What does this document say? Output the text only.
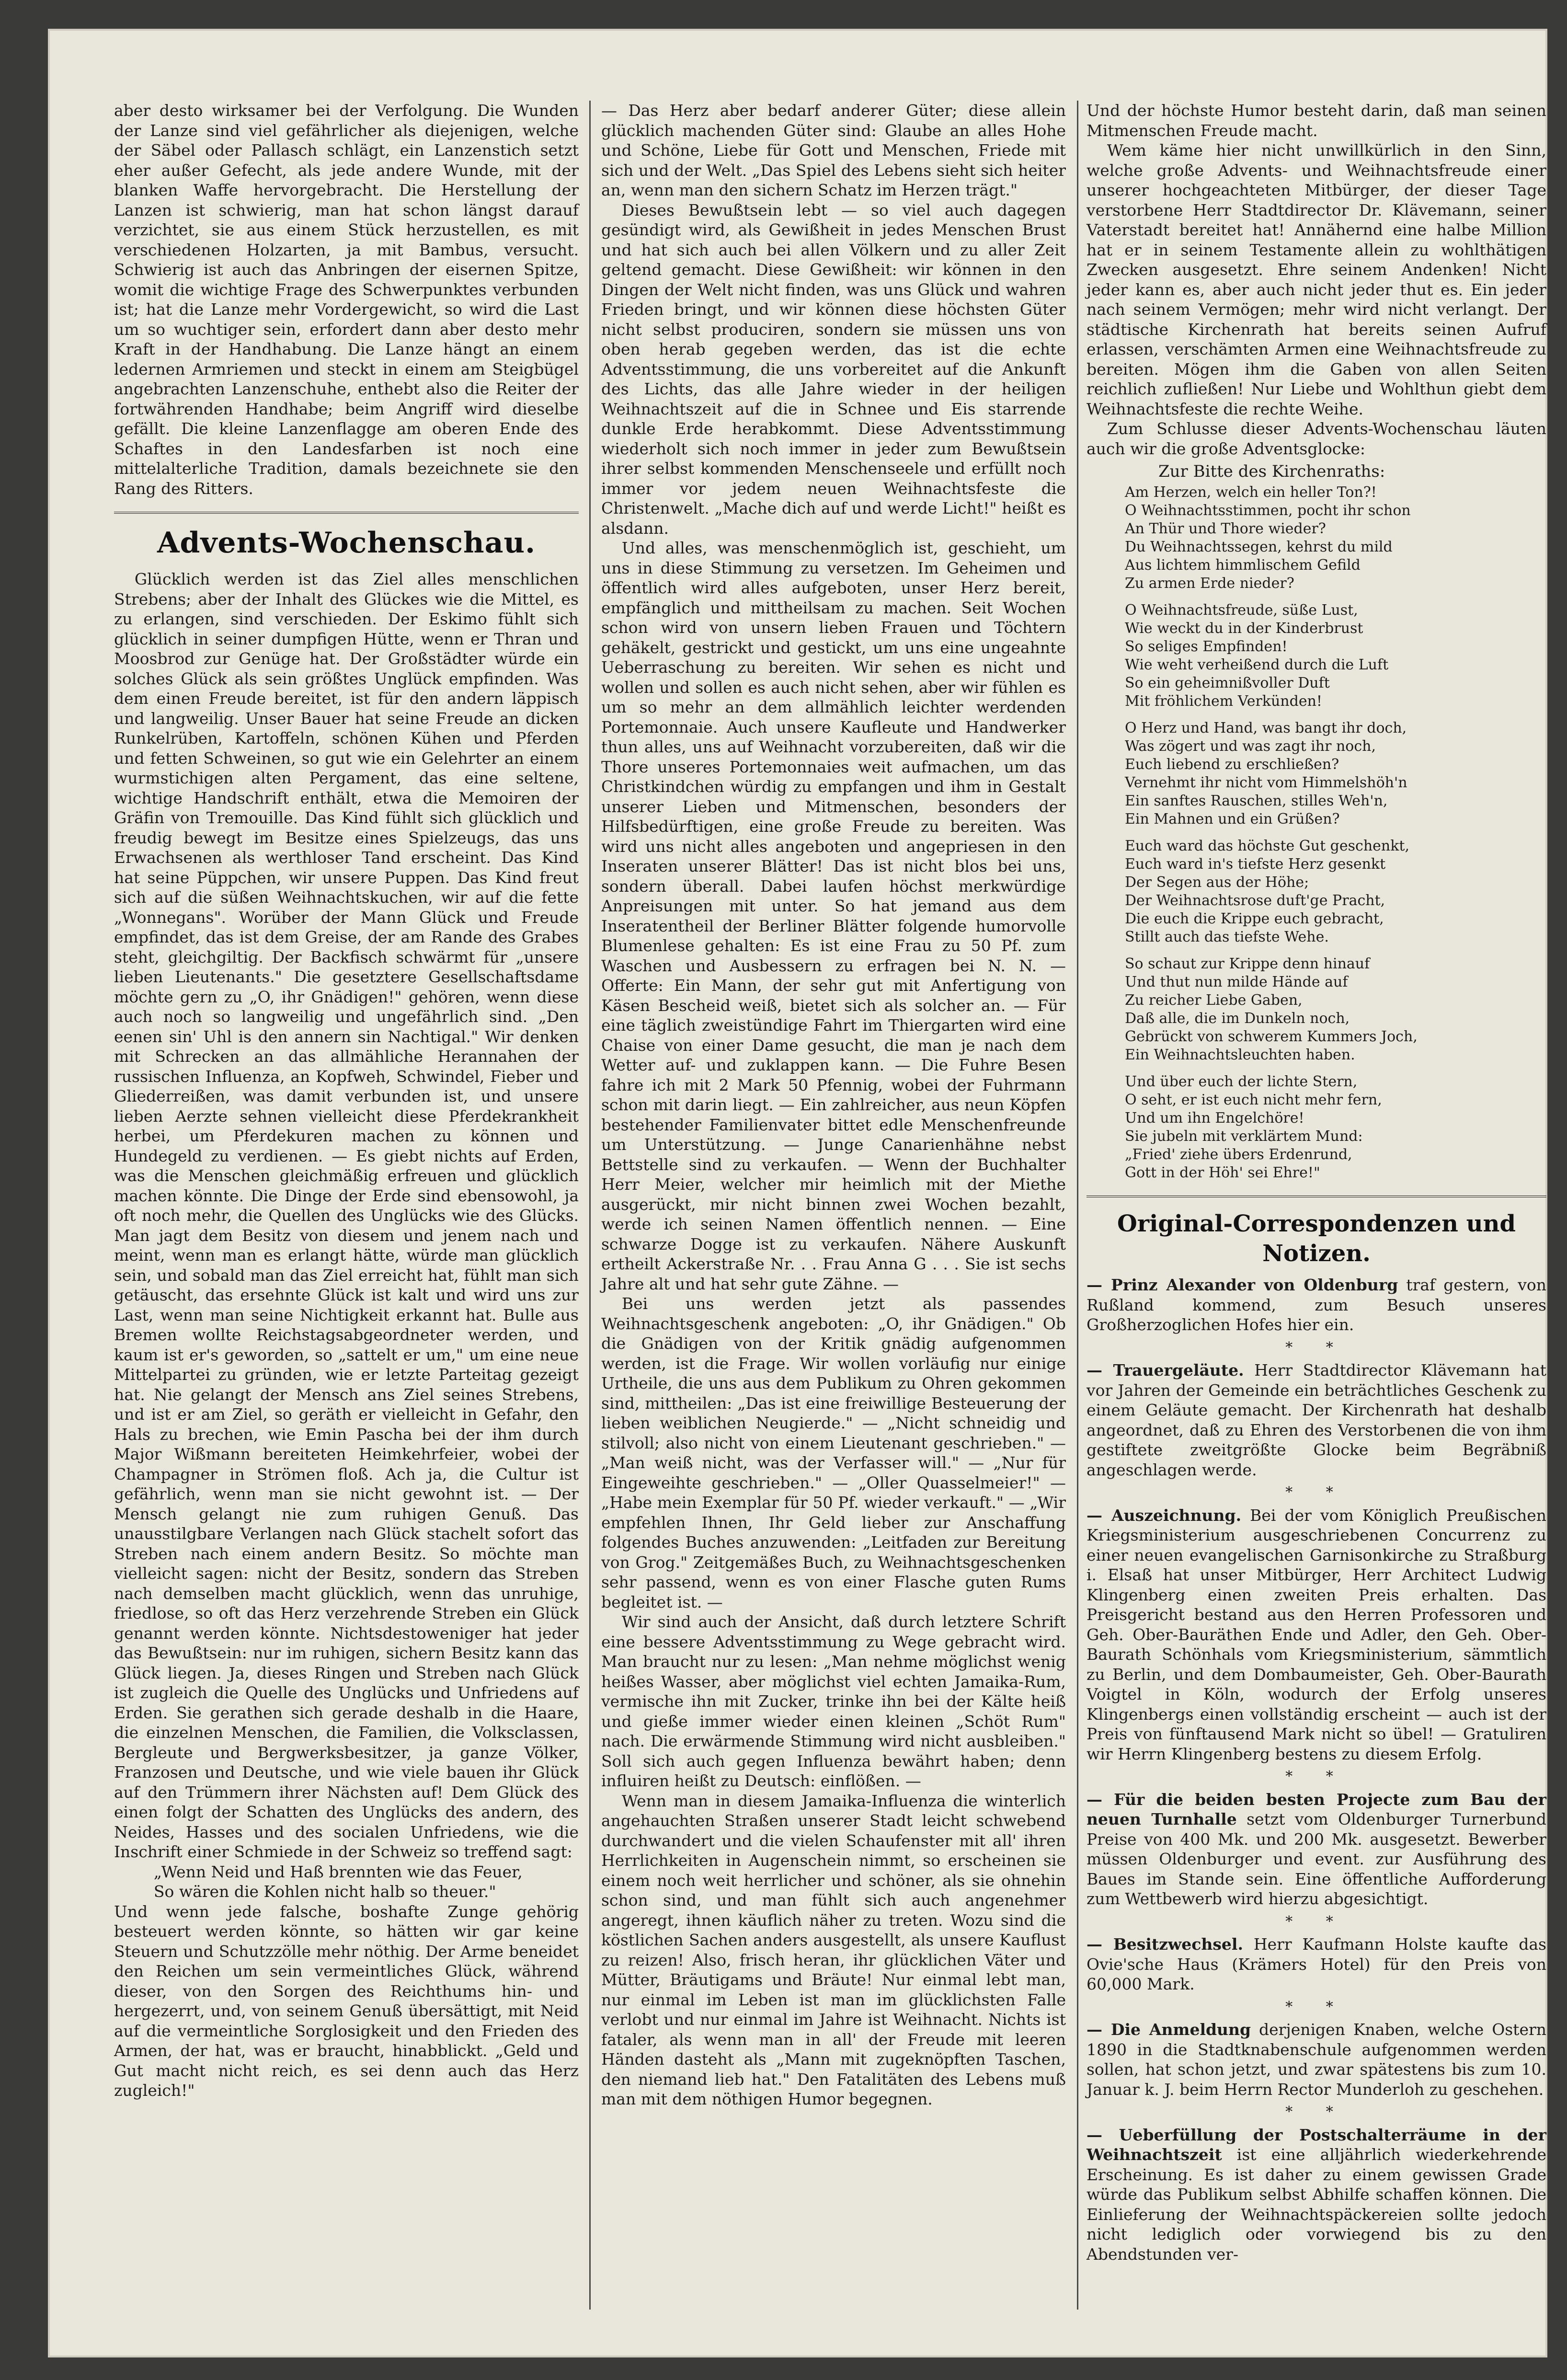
aber desto wirksamer bei der Verfolgung. Die Wunden der Lanze sind viel gefährlicher als diejenigen, welche der Säbel oder Pallasch schlägt, ein Lanzenstich setzt eher außer Gefecht, als jede andere Wunde, mit der blanken Waffe hervorgebracht. Die Herstellung der Lanzen ist schwierig, man hat schon längst darauf verzichtet, sie aus einem Stück herzustellen, es mit verschiedenen Holzarten, ja mit Bambus, versucht. Schwierig ist auch das Anbringen der eisernen Spitze, womit die wichtige Frage des Schwerpunktes verbunden ist; hat die Lanze mehr Vordergewicht, so wird die Last um so wuchtiger sein, erfordert dann aber desto mehr Kraft in der Handhabung. Die Lanze hängt an einem ledernen Armriemen und steckt in einem am Steigbügel angebrachten Lanzenschuhe, enthebt also die Reiter der fortwährenden Handhabe; beim Angriff wird dieselbe gefällt. Die kleine Lanzenflagge am oberen Ende des Schaftes in den Landesfarben ist noch eine mittelalterliche Tradition, damals bezeichnete sie den Rang des Ritters.

Advents-Wochenschau.

Glücklich werden ist das Ziel alles menschlichen Strebens; aber der Inhalt des Glückes wie die Mittel, es zu erlangen, sind verschieden. Der Eskimo fühlt sich glücklich in seiner dumpfigen Hütte, wenn er Thran und Moosbrod zur Genüge hat. Der Großstädter würde ein solches Glück als sein größtes Unglück empfinden. Was dem einen Freude bereitet, ist für den andern läppisch und langweilig. Unser Bauer hat seine Freude an dicken Runkelrüben, Kartoffeln, schönen Kühen und Pferden und fetten Schweinen, so gut wie ein Gelehrter an einem wurmstichigen alten Pergament, das eine seltene, wichtige Handschrift enthält, etwa die Memoiren der Gräfin von Tremouille. Das Kind fühlt sich glücklich und freudig bewegt im Besitze eines Spielzeugs, das uns Erwachsenen als werthloser Tand erscheint. Das Kind hat seine Püppchen, wir unsere Puppen. Das Kind freut sich auf die süßen Weihnachtskuchen, wir auf die fette „Wonnegans". Worüber der Mann Glück und Freude empfindet, das ist dem Greise, der am Rande des Grabes steht, gleichgiltig. Der Backfisch schwärmt für „unsere lieben Lieutenants." Die gesetztere Gesellschaftsdame möchte gern zu „O, ihr Gnädigen!" gehören, wenn diese auch noch so langweilig und ungefährlich sind. „Den eenen sin' Uhl is den annern sin Nachtigal." Wir denken mit Schrecken an das allmähliche Herannahen der russischen Influenza, an Kopfweh, Schwindel, Fieber und Gliederreißen, was damit verbunden ist, und unsere lieben Aerzte sehnen vielleicht diese Pferdekrankheit herbei, um Pferdekuren machen zu können und Hundegeld zu verdienen. — Es giebt nichts auf Erden, was die Menschen gleichmäßig erfreuen und glücklich machen könnte. Die Dinge der Erde sind ebensowohl, ja oft noch mehr, die Quellen des Unglücks wie des Glücks. Man jagt dem Besitz von diesem und jenem nach und meint, wenn man es erlangt hätte, würde man glücklich sein, und sobald man das Ziel erreicht hat, fühlt man sich getäuscht, das ersehnte Glück ist kalt und wird uns zur Last, wenn man seine Nichtigkeit erkannt hat. Bulle aus Bremen wollte Reichstagsabgeordneter werden, und kaum ist er's geworden, so „sattelt er um," um eine neue Mittelpartei zu gründen, wie er letzte Parteitag gezeigt hat. Nie gelangt der Mensch ans Ziel seines Strebens, und ist er am Ziel, so geräth er vielleicht in Gefahr, den Hals zu brechen, wie Emin Pascha bei der ihm durch Major Wißmann bereiteten Heimkehrfeier, wobei der Champagner in Strömen floß. Ach ja, die Cultur ist gefährlich, wenn man sie nicht gewohnt ist. — Der Mensch gelangt nie zum ruhigen Genuß. Das unausstilgbare Verlangen nach Glück stachelt sofort das Streben nach einem andern Besitz. So möchte man vielleicht sagen: nicht der Besitz, sondern das Streben nach demselben macht glücklich, wenn das unruhige, friedlose, so oft das Herz verzehrende Streben ein Glück genannt werden könnte. Nichtsdestoweniger hat jeder das Bewußtsein: nur im ruhigen, sichern Besitz kann das Glück liegen. Ja, dieses Ringen und Streben nach Glück ist zugleich die Quelle des Unglücks und Unfriedens auf Erden. Sie gerathen sich gerade deshalb in die Haare, die einzelnen Menschen, die Familien, die Volksclassen, Bergleute und Bergwerksbesitzer, ja ganze Völker, Franzosen und Deutsche, und wie viele bauen ihr Glück auf den Trümmern ihrer Nächsten auf! Dem Glück des einen folgt der Schatten des Unglücks des andern, des Neides, Hasses und des socialen Unfriedens, wie die Inschrift einer Schmiede in der Schweiz so treffend sagt:

„Wenn Neid und Haß brennten wie das Feuer,

So wären die Kohlen nicht halb so theuer."

Und wenn jede falsche, boshafte Zunge gehörig besteuert werden könnte, so hätten wir gar keine Steuern und Schutzzölle mehr nöthig. Der Arme beneidet den Reichen um sein vermeintliches Glück, während dieser, von den Sorgen des Reichthums hin- und hergezerrt, und, von seinem Genuß übersättigt, mit Neid auf die vermeintliche Sorglosigkeit und den Frieden des Armen, der hat, was er braucht, hinabblickt. „Geld und Gut macht nicht reich, es sei denn auch das Herz zugleich!"

— Das Herz aber bedarf anderer Güter; diese allein glücklich machenden Güter sind: Glaube an alles Hohe und Schöne, Liebe für Gott und Menschen, Friede mit sich und der Welt. „Das Spiel des Lebens sieht sich heiter an, wenn man den sichern Schatz im Herzen trägt."

Dieses Bewußtsein lebt — so viel auch dagegen gesündigt wird, als Gewißheit in jedes Menschen Brust und hat sich auch bei allen Völkern und zu aller Zeit geltend gemacht. Diese Gewißheit: wir können in den Dingen der Welt nicht finden, was uns Glück und wahren Frieden bringt, und wir können diese höchsten Güter nicht selbst produciren, sondern sie müssen uns von oben herab gegeben werden, das ist die echte Adventsstimmung, die uns vorbereitet auf die Ankunft des Lichts, das alle Jahre wieder in der heiligen Weihnachtszeit auf die in Schnee und Eis starrende dunkle Erde herabkommt. Diese Adventsstimmung wiederholt sich noch immer in jeder zum Bewußtsein ihrer selbst kommenden Menschenseele und erfüllt noch immer vor jedem neuen Weihnachtsfeste die Christenwelt. „Mache dich auf und werde Licht!" heißt es alsdann.

Und alles, was menschenmöglich ist, geschieht, um uns in diese Stimmung zu versetzen. Im Geheimen und öffentlich wird alles aufgeboten, unser Herz bereit, empfänglich und mittheilsam zu machen. Seit Wochen schon wird von unsern lieben Frauen und Töchtern gehäkelt, gestrickt und gestickt, um uns eine ungeahnte Ueberraschung zu bereiten. Wir sehen es nicht und wollen und sollen es auch nicht sehen, aber wir fühlen es um so mehr an dem allmählich leichter werdenden Portemonnaie. Auch unsere Kaufleute und Handwerker thun alles, uns auf Weihnacht vorzubereiten, daß wir die Thore unseres Portemonnaies weit aufmachen, um das Christkindchen würdig zu empfangen und ihm in Gestalt unserer Lieben und Mitmenschen, besonders der Hilfsbedürftigen, eine große Freude zu bereiten. Was wird uns nicht alles angeboten und angepriesen in den Inseraten unserer Blätter! Das ist nicht blos bei uns, sondern überall. Dabei laufen höchst merkwürdige Anpreisungen mit unter. So hat jemand aus dem Inseratentheil der Berliner Blätter folgende humorvolle Blumenlese gehalten: Es ist eine Frau zu 50 Pf. zum Waschen und Ausbessern zu erfragen bei N. N. — Offerte: Ein Mann, der sehr gut mit Anfertigung von Käsen Bescheid weiß, bietet sich als solcher an. — Für eine täglich zweistündige Fahrt im Thiergarten wird eine Chaise von einer Dame gesucht, die man je nach dem Wetter auf- und zuklappen kann. — Die Fuhre Besen fahre ich mit 2 Mark 50 Pfennig, wobei der Fuhrmann schon mit darin liegt. — Ein zahlreicher, aus neun Köpfen bestehender Familienvater bittet edle Menschenfreunde um Unterstützung. — Junge Canarienhähne nebst Bettstelle sind zu verkaufen. — Wenn der Buchhalter Herr Meier, welcher mir heimlich mit der Miethe ausgerückt, mir nicht binnen zwei Wochen bezahlt, werde ich seinen Namen öffentlich nennen. — Eine schwarze Dogge ist zu verkaufen. Nähere Auskunft ertheilt Ackerstraße Nr. . . Frau Anna G . . . Sie ist sechs Jahre alt und hat sehr gute Zähne. —

Bei uns werden jetzt als passendes Weihnachtsgeschenk angeboten: „O, ihr Gnädigen." Ob die Gnädigen von der Kritik gnädig aufgenommen werden, ist die Frage. Wir wollen vorläufig nur einige Urtheile, die uns aus dem Publikum zu Ohren gekommen sind, mittheilen: „Das ist eine freiwillige Besteuerung der lieben weiblichen Neugierde." — „Nicht schneidig und stilvoll; also nicht von einem Lieutenant geschrieben." — „Man weiß nicht, was der Verfasser will." — „Nur für Eingeweihte geschrieben." — „Oller Quasselmeier!" — „Habe mein Exemplar für 50 Pf. wieder verkauft." — „Wir empfehlen Ihnen, Ihr Geld lieber zur Anschaffung folgendes Buches anzuwenden: „Leitfaden zur Bereitung von Grog." Zeitgemäßes Buch, zu Weihnachtsgeschenken sehr passend, wenn es von einer Flasche guten Rums begleitet ist. —

Wir sind auch der Ansicht, daß durch letztere Schrift eine bessere Adventsstimmung zu Wege gebracht wird. Man braucht nur zu lesen: „Man nehme möglichst wenig heißes Wasser, aber möglichst viel echten Jamaika-Rum, vermische ihn mit Zucker, trinke ihn bei der Kälte heiß und gieße immer wieder einen kleinen „Schöt Rum" nach. Die erwärmende Stimmung wird nicht ausbleiben." Soll sich auch gegen Influenza bewährt haben; denn influiren heißt zu Deutsch: einflößen. —

Wenn man in diesem Jamaika-Influenza die winterlich angehauchten Straßen unserer Stadt leicht schwebend durchwandert und die vielen Schaufenster mit all' ihren Herrlichkeiten in Augenschein nimmt, so erscheinen sie einem noch weit herrlicher und schöner, als sie ohnehin schon sind, und man fühlt sich auch angenehmer angeregt, ihnen käuflich näher zu treten. Wozu sind die köstlichen Sachen anders ausgestellt, als unsere Kauflust zu reizen! Also, frisch heran, ihr glücklichen Väter und Mütter, Bräutigams und Bräute! Nur einmal lebt man, nur einmal im Leben ist man im glücklichsten Falle verlobt und nur einmal im Jahre ist Weihnacht. Nichts ist fataler, als wenn man in all' der Freude mit leeren Händen dasteht als „Mann mit zugeknöpften Taschen, den niemand lieb hat." Den Fatalitäten des Lebens muß man mit dem nöthigen Humor begegnen.

Und der höchste Humor besteht darin, daß man seinen Mitmenschen Freude macht.

Wem käme hier nicht unwillkürlich in den Sinn, welche große Advents- und Weihnachtsfreude einer unserer hochgeachteten Mitbürger, der dieser Tage verstorbene Herr Stadtdirector Dr. Klävemann, seiner Vaterstadt bereitet hat! Annähernd eine halbe Million hat er in seinem Testamente allein zu wohlthätigen Zwecken ausgesetzt. Ehre seinem Andenken! Nicht jeder kann es, aber auch nicht jeder thut es. Ein jeder nach seinem Vermögen; mehr wird nicht verlangt. Der städtische Kirchenrath hat bereits seinen Aufruf erlassen, verschämten Armen eine Weihnachtsfreude zu bereiten. Mögen ihm die Gaben von allen Seiten reichlich zufließen! Nur Liebe und Wohlthun giebt dem Weihnachtsfeste die rechte Weihe.

Zum Schlusse dieser Advents-Wochenschau läuten auch wir die große Adventsglocke:

Zur Bitte des Kirchenraths:
Am Herzen, welch ein heller Ton?!
O Weihnachtsstimmen, pocht ihr schon
An Thür und Thore wieder?
Du Weihnachtssegen, kehrst du mild
Aus lichtem himmlischem Gefild
Zu armen Erde nieder?
O Weihnachtsfreude, süße Lust,
Wie weckt du in der Kinderbrust
So seliges Empfinden!
Wie weht verheißend durch die Luft
So ein geheimnißvoller Duft
Mit fröhlichem Verkünden!
O Herz und Hand, was bangt ihr doch,
Was zögert und was zagt ihr noch,
Euch liebend zu erschließen?
Vernehmt ihr nicht vom Himmelshöh'n
Ein sanftes Rauschen, stilles Weh'n,
Ein Mahnen und ein Grüßen?
Euch ward das höchste Gut geschenkt,
Euch ward in's tiefste Herz gesenkt
Der Segen aus der Höhe;
Der Weihnachtsrose duft'ge Pracht,
Die euch die Krippe euch gebracht,
Stillt auch das tiefste Wehe.
So schaut zur Krippe denn hinauf
Und thut nun milde Hände auf
Zu reicher Liebe Gaben,
Daß alle, die im Dunkeln noch,
Gebrückt von schwerem Kummers Joch,
Ein Weihnachtsleuchten haben.
Und über euch der lichte Stern,
O seht, er ist euch nicht mehr fern,
Und um ihn Engelchöre!
Sie jubeln mit verklärtem Mund:
„Fried' ziehe übers Erdenrund,
Gott in der Höh' sei Ehre!"
Original-Correspondenzen und Notizen.

— Prinz Alexander von Oldenburg traf gestern, von Rußland kommend, zum Besuch unseres Großherzoglichen Hofes hier ein.

* *

— Trauergeläute. Herr Stadtdirector Klävemann hat vor Jahren der Gemeinde ein beträchtliches Geschenk zu einem Geläute gemacht. Der Kirchenrath hat deshalb angeordnet, daß zu Ehren des Verstorbenen die von ihm gestiftete zweitgrößte Glocke beim Begräbniß angeschlagen werde.

* *

— Auszeichnung. Bei der vom Königlich Preußischen Kriegsministerium ausgeschriebenen Concurrenz zu einer neuen evangelischen Garnisonkirche zu Straßburg i. Elsaß hat unser Mitbürger, Herr Architect Ludwig Klingenberg einen zweiten Preis erhalten. Das Preisgericht bestand aus den Herren Professoren und Geh. Ober-Bauräthen Ende und Adler, den Geh. Ober-Baurath Schönhals vom Kriegsministerium, sämmtlich zu Berlin, und dem Dombaumeister, Geh. Ober-Baurath Voigtel in Köln, wodurch der Erfolg unseres Klingenbergs einen vollständig erscheint — auch ist der Preis von fünftausend Mark nicht so übel! — Gratuliren wir Herrn Klingenberg bestens zu diesem Erfolg.

* *

— Für die beiden besten Projecte zum Bau der neuen Turnhalle setzt vom Oldenburger Turnerbund Preise von 400 Mk. und 200 Mk. ausgesetzt. Bewerber müssen Oldenburger und event. zur Ausführung des Baues im Stande sein. Eine öffentliche Aufforderung zum Wettbewerb wird hierzu abgesichtigt.

* *

— Besitzwechsel. Herr Kaufmann Holste kaufte das Ovie'sche Haus (Krämers Hotel) für den Preis von 60,000 Mark.

* *

— Die Anmeldung derjenigen Knaben, welche Ostern 1890 in die Stadtknabenschule aufgenommen werden sollen, hat schon jetzt, und zwar spätestens bis zum 10. Januar k. J. beim Herrn Rector Munderloh zu geschehen.

* *

— Ueberfüllung der Postschalterräume in der Weihnachtszeit ist eine alljährlich wiederkehrende Erscheinung. Es ist daher zu einem gewissen Grade würde das Publikum selbst Abhilfe schaffen können. Die Einlieferung der Weihnachtspäckereien sollte jedoch nicht lediglich oder vorwiegend bis zu den Abendstunden ver-
